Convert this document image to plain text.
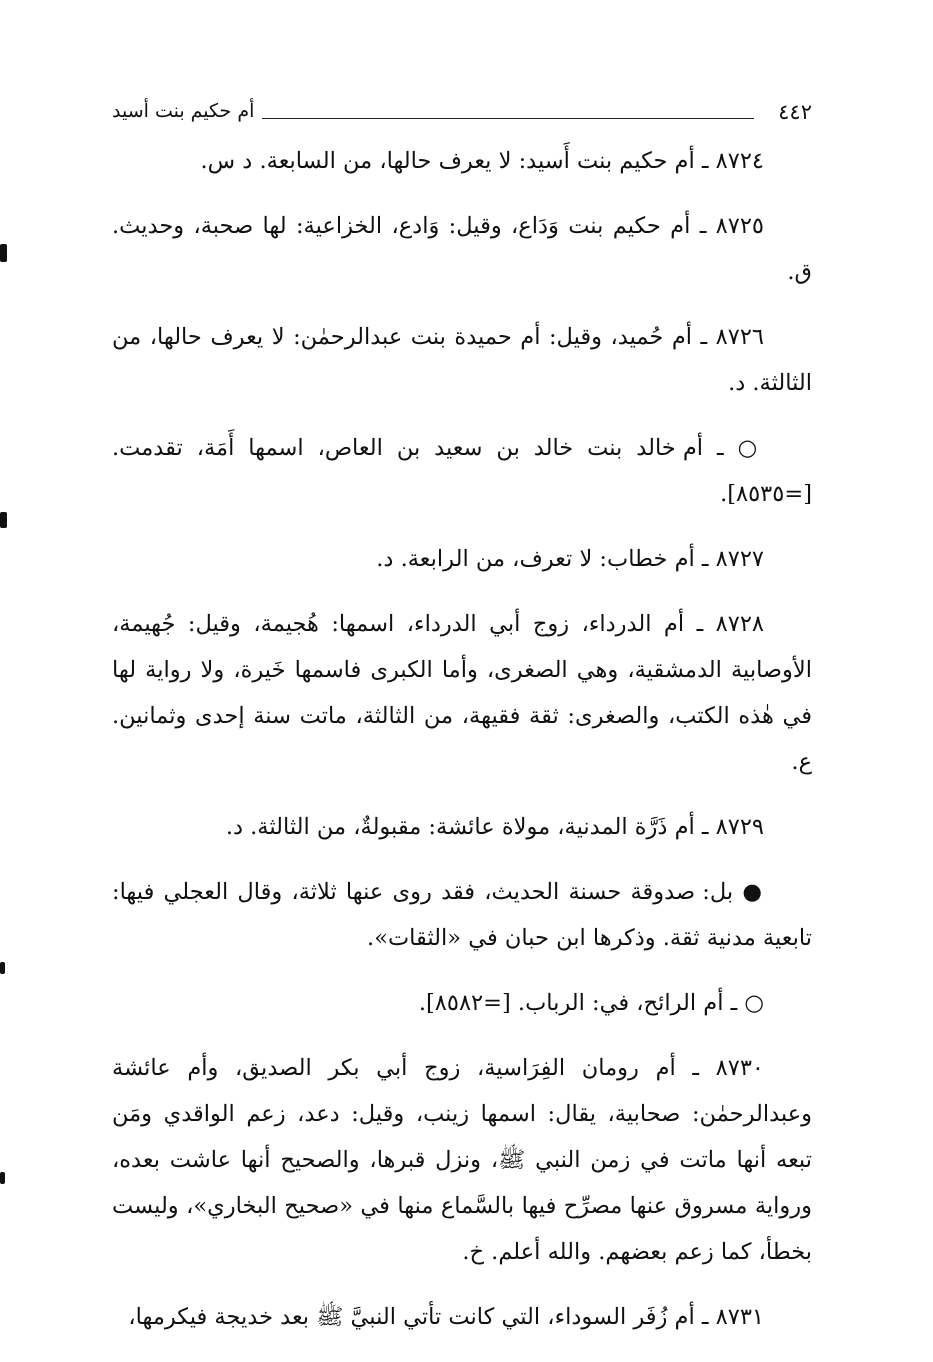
أم حكيم بنت أسيد	٤٤٢

٨٧٢٤ ـ أم حكيم بنت أَسيد: لا يعرف حالها، من السابعة. د س.

٨٧٢٥ ـ أم حكيم بنت وَدَاع، وقيل: وَادع، الخزاعية: لها صحبة، وحديث. ق.

٨٧٢٦ ـ أم حُميد، وقيل: أم حميدة بنت عبدالرحمٰن: لا يعرف حالها، من الثالثة. د.

○ ـ أم خالد بنت خالد بن سعيد بن العاص، اسمها أَمَة، تقدمت. [=٨٥٣٥].

٨٧٢٧ ـ أم خطاب: لا تعرف، من الرابعة. د.

٨٧٢٨ ـ أم الدرداء، زوج أبي الدرداء، اسمها: هُجيمة، وقيل: جُهيمة، الأوصابية الدمشقية، وهي الصغرى، وأما الكبرى فاسمها خَيرة، ولا رواية لها في هٰذه الكتب، والصغرى: ثقة فقيهة، من الثالثة، ماتت سنة إحدى وثمانين. ع.

٨٧٢٩ ـ أم ذَرَّة المدنية، مولاة عائشة: مقبولةٌ، من الثالثة. د.

● بل: صدوقة حسنة الحديث، فقد روى عنها ثلاثة، وقال العجلي فيها: تابعية مدنية ثقة. وذكرها ابن حبان في «الثقات».

○ ـ أم الرائح، في: الرباب. [=٨٥٨٢].

٨٧٣٠ ـ أم رومان الفِرَاسية، زوج أبي بكر الصديق، وأم عائشة وعبدالرحمٰن: صحابية، يقال: اسمها زينب، وقيل: دعد، زعم الواقدي ومَن تبعه أنها ماتت في زمن النبي ﷺ، ونزل قبرها، والصحيح أنها عاشت بعده، ورواية مسروق عنها مصرِّح فيها بالسَّماع منها في «صحيح البخاري»، وليست بخطأ، كما زعم بعضهم. والله أعلم. خ.

٨٧٣١ ـ أم زُفَر السوداء، التي كانت تأتي النبيَّ ﷺ بعد خديجة فيكرمها،
